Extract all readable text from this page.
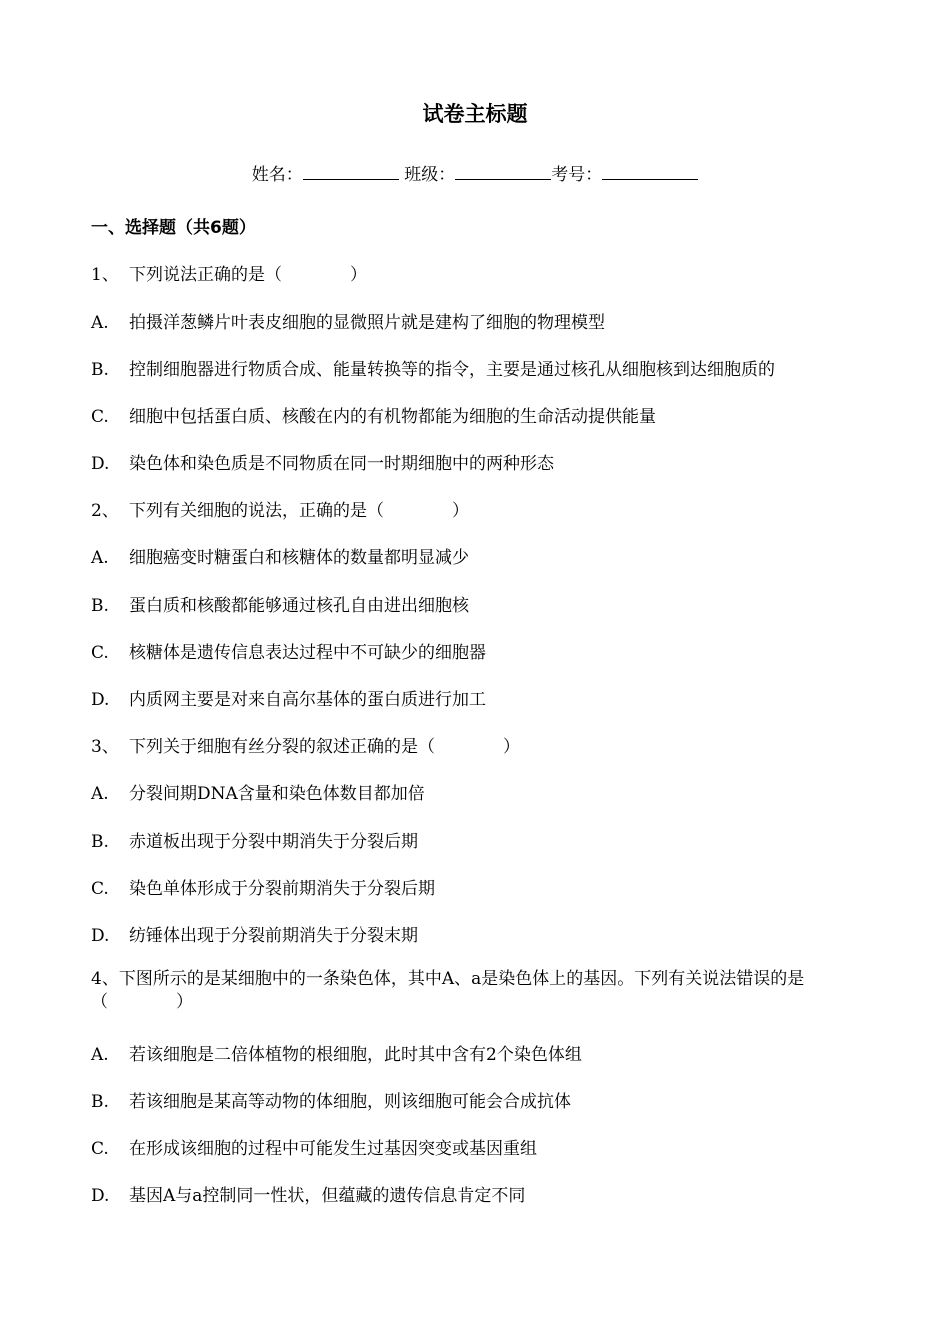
试卷主标题
姓名：	班级：	考号：
一、选择题（共6题）
1、 下列说法正确的是（　　　　）
A. 拍摄洋葱鳞片叶表皮细胞的显微照片就是建构了细胞的物理模型
B. 控制细胞器进行物质合成、能量转换等的指令，主要是通过核孔从细胞核到达细胞质的
C. 细胞中包括蛋白质、核酸在内的有机物都能为细胞的生命活动提供能量
D. 染色体和染色质是不同物质在同一时期细胞中的两种形态
2、 下列有关细胞的说法，正确的是（　　　　）
A. 细胞癌变时糖蛋白和核糖体的数量都明显减少
B. 蛋白质和核酸都能够通过核孔自由进出细胞核
C. 核糖体是遗传信息表达过程中不可缺少的细胞器
D. 内质网主要是对来自高尔基体的蛋白质进行加工
3、 下列关于细胞有丝分裂的叙述正确的是（　　　　）
A. 分裂间期DNA含量和染色体数目都加倍
B. 赤道板出现于分裂中期消失于分裂后期
C. 染色单体形成于分裂前期消失于分裂后期
D. 纺锤体出现于分裂前期消失于分裂末期
4、下图所示的是某细胞中的一条染色体，其中A、a是染色体上的基因。下列有关说法错误的是（　　　　）
A. 若该细胞是二倍体植物的根细胞，此时其中含有2个染色体组
B. 若该细胞是某高等动物的体细胞，则该细胞可能会合成抗体
C. 在形成该细胞的过程中可能发生过基因突变或基因重组
D. 基因A与a控制同一性状，但蕴藏的遗传信息肯定不同
